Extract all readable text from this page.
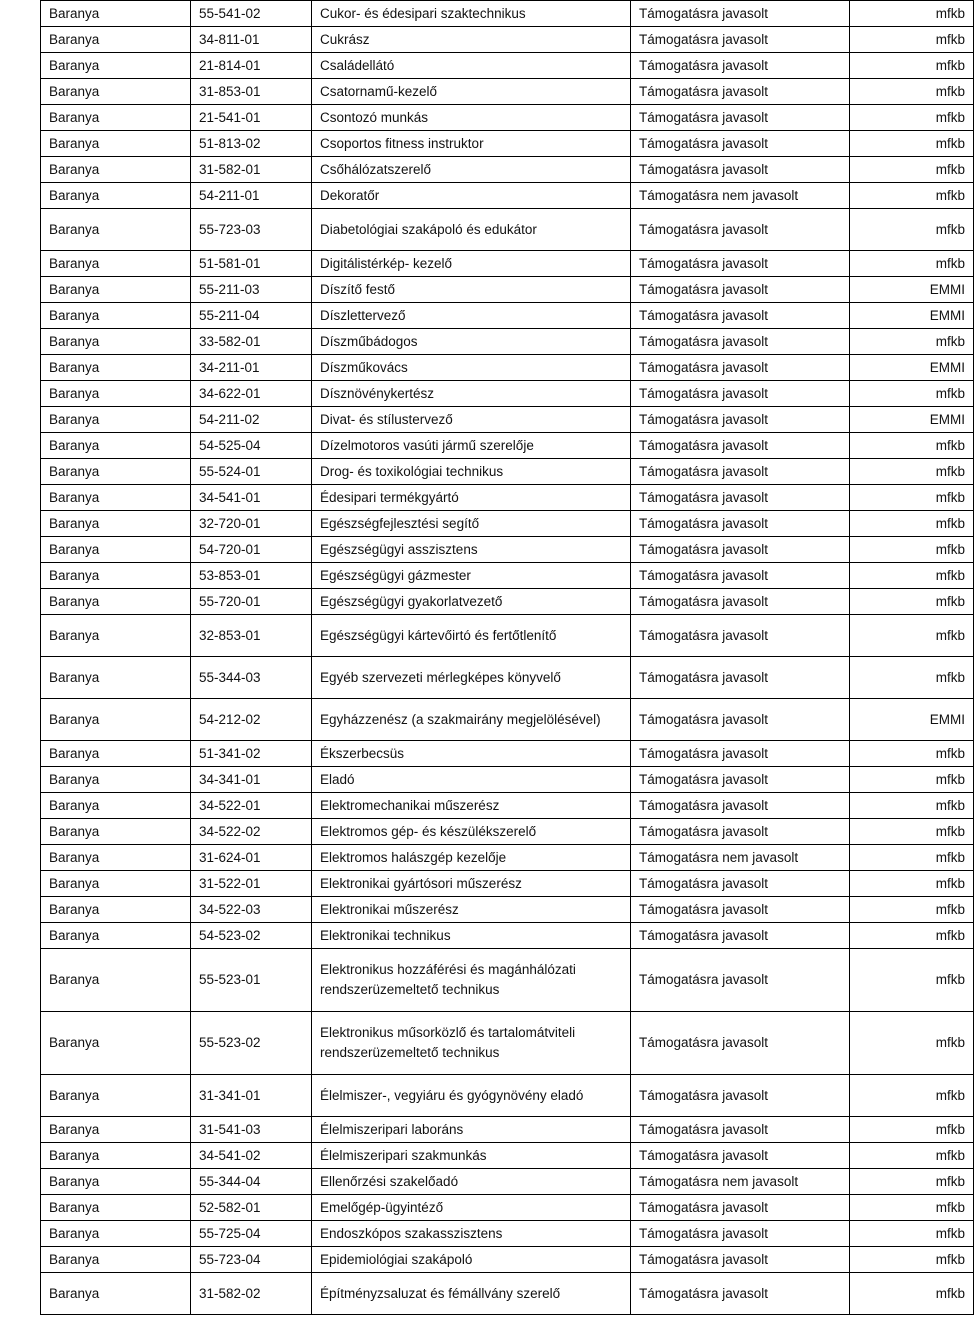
Baranya	55-541-02	Cukor- és édesipari szaktechnikus	Támogatásra javasolt	mfkb
Baranya	34-811-01	Cukrász	Támogatásra javasolt	mfkb
Baranya	21-814-01	Családellátó	Támogatásra javasolt	mfkb
Baranya	31-853-01	Csatornamű-kezelő	Támogatásra javasolt	mfkb
Baranya	21-541-01	Csontozó munkás	Támogatásra javasolt	mfkb
Baranya	51-813-02	Csoportos fitness instruktor	Támogatásra javasolt	mfkb
Baranya	31-582-01	Csőhálózatszerelő	Támogatásra javasolt	mfkb
Baranya	54-211-01	Dekoratőr	Támogatásra nem javasolt	mfkb
Baranya	55-723-03	Diabetológiai szakápoló és edukátor	Támogatásra javasolt	mfkb
Baranya	51-581-01	Digitálistérkép- kezelő	Támogatásra javasolt	mfkb
Baranya	55-211-03	Díszítő festő	Támogatásra javasolt	EMMI
Baranya	55-211-04	Díszlettervező	Támogatásra javasolt	EMMI
Baranya	33-582-01	Díszműbádogos	Támogatásra javasolt	mfkb
Baranya	34-211-01	Díszműkovács	Támogatásra javasolt	EMMI
Baranya	34-622-01	Dísznövénykertész	Támogatásra javasolt	mfkb
Baranya	54-211-02	Divat- és stílustervező	Támogatásra javasolt	EMMI
Baranya	54-525-04	Dízelmotoros vasúti jármű szerelője	Támogatásra javasolt	mfkb
Baranya	55-524-01	Drog- és toxikológiai technikus	Támogatásra javasolt	mfkb
Baranya	34-541-01	Édesipari termékgyártó	Támogatásra javasolt	mfkb
Baranya	32-720-01	Egészségfejlesztési segítő	Támogatásra javasolt	mfkb
Baranya	54-720-01	Egészségügyi asszisztens	Támogatásra javasolt	mfkb
Baranya	53-853-01	Egészségügyi gázmester	Támogatásra javasolt	mfkb
Baranya	55-720-01	Egészségügyi gyakorlatvezető	Támogatásra javasolt	mfkb
Baranya	32-853-01	Egészségügyi kártevőirtó és fertőtlenítő	Támogatásra javasolt	mfkb
Baranya	55-344-03	Egyéb szervezeti mérlegképes könyvelő	Támogatásra javasolt	mfkb
Baranya	54-212-02	Egyházzenész (a szakmairány megjelölésével)	Támogatásra javasolt	EMMI
Baranya	51-341-02	Ékszerbecsüs	Támogatásra javasolt	mfkb
Baranya	34-341-01	Eladó	Támogatásra javasolt	mfkb
Baranya	34-522-01	Elektromechanikai műszerész	Támogatásra javasolt	mfkb
Baranya	34-522-02	Elektromos gép- és készülékszerelő	Támogatásra javasolt	mfkb
Baranya	31-624-01	Elektromos halászgép kezelője	Támogatásra nem javasolt	mfkb
Baranya	31-522-01	Elektronikai gyártósori műszerész	Támogatásra javasolt	mfkb
Baranya	34-522-03	Elektronikai műszerész	Támogatásra javasolt	mfkb
Baranya	54-523-02	Elektronikai technikus	Támogatásra javasolt	mfkb
Baranya	55-523-01	Elektronikus hozzáférési és magánhálózati rendszerüzemeltető technikus	Támogatásra javasolt	mfkb
Baranya	55-523-02	Elektronikus műsorközlő és tartalomátviteli rendszerüzemeltető technikus	Támogatásra javasolt	mfkb
Baranya	31-341-01	Élelmiszer-, vegyiáru és gyógynövény eladó	Támogatásra javasolt	mfkb
Baranya	31-541-03	Élelmiszeripari laboráns	Támogatásra javasolt	mfkb
Baranya	34-541-02	Élelmiszeripari szakmunkás	Támogatásra javasolt	mfkb
Baranya	55-344-04	Ellenőrzési szakelőadó	Támogatásra nem javasolt	mfkb
Baranya	52-582-01	Emelőgép-ügyintéző	Támogatásra javasolt	mfkb
Baranya	55-725-04	Endoszkópos szakasszisztens	Támogatásra javasolt	mfkb
Baranya	55-723-04	Epidemiológiai szakápoló	Támogatásra javasolt	mfkb
Baranya	31-582-02	Építményzsaluzat és fémállvány szerelő	Támogatásra javasolt	mfkb
